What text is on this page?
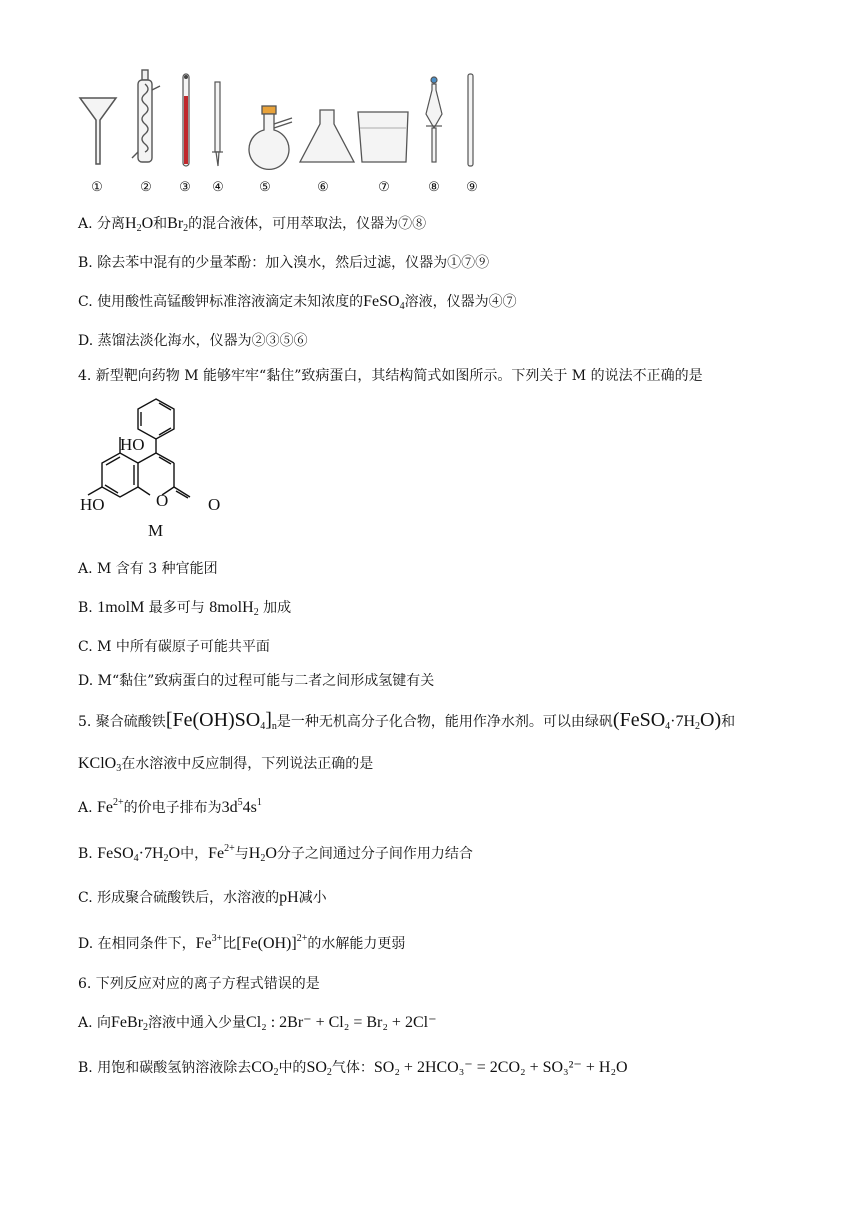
①	②	③	④	⑤	⑥	⑦	⑧	⑨
A. 分离$H_2O$和$Br_2$的混合液体，可用萃取法，仪器为⑦⑧
B. 除去苯中混有的少量苯酚：加入溴水，然后过滤，仪器为①⑦⑨
C. 使用酸性高锰酸钾标准溶液滴定未知浓度的FeSO$_4$溶液，仪器为④⑦
D. 蒸馏法淡化海水，仪器为②③⑤⑥
4. 新型靶向药物 M 能够牢牢“黏住”致病蛋白，其结构简式如图所示。下列关于 M 的说法不正确的是
HO
HO	O O
M
A. M 含有 3 种官能团
B. 1molM 最多可与 8molH$_2$ 加成
C. M 中所有碳原子可能共平面
D. M“黏住”致病蛋白的过程可能与二者之间形成氢键有关
5. 聚合硫酸铁$[Fe(OH)SO_4]_n$是一种无机高分子化合物，能用作净水剂。可以由绿矾$(FeSO_4\cdot 7H_2O)$和
KClO$_3$在水溶液中反应制得，下列说法正确的是
A. $Fe^{2+}$的价电子排布为$3d^54s^1$
B. $FeSO_4\cdot 7H_2O$中，$Fe^{2+}$与$H_2O$分子之间通过分子间作用力结合
C. 形成聚合硫酸铁后，水溶液的pH减小
D. 在相同条件下，$Fe^{3+}$比$[Fe(OH)]^{2+}$的水解能力更弱
6. 下列反应对应的离子方程式错误的是
A. 向FeBr$_2$溶液中通入少量Cl₂ : 2Br⁻ + Cl₂ = Br₂ + 2Cl⁻
B. 用饱和碳酸氢钠溶液除去$CO_2$中的$SO_2$气体：SO₂ + 2HCO₃⁻ = 2CO₂ + SO₃²⁻ + H₂O
